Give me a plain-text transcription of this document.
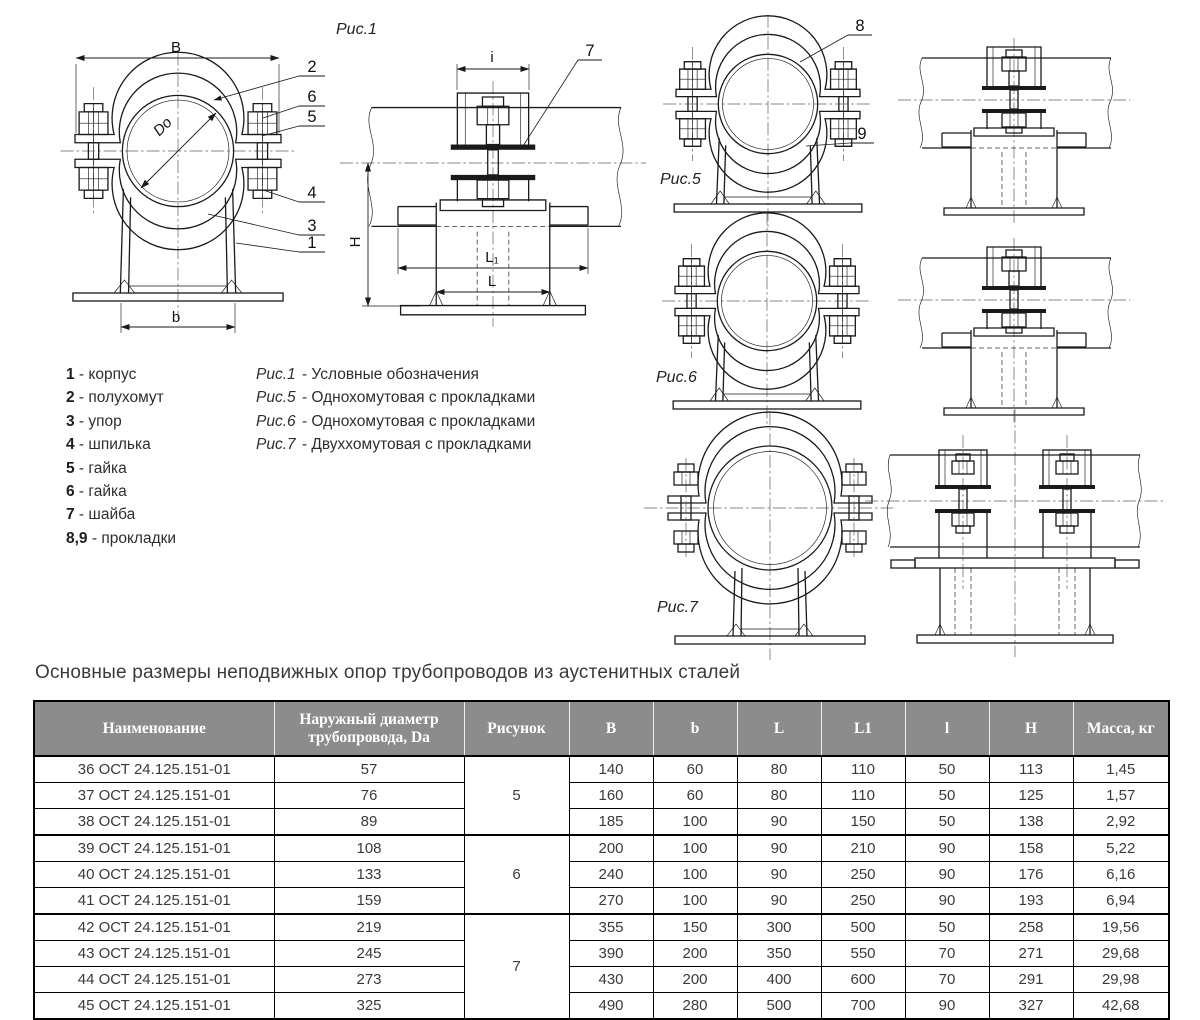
Рис.1
Рис.5
Рис.6
Рис.7
B
b
Do
i
H
L₁
L
2
6
5
4
3
1
7
8
9
1 - корпус
2 - полухомут
3 - упор
4 - шпилька
5 - гайка
6 - гайка
7 - шайба
8,9 - прокладки
Рис.1 - Условные обозначения
Рис.5 - Однохомутовая с прокладками
Рис.6 - Однохомутовая с прокладками
Рис.7 - Двуххомутовая с прокладками
Основные размеры неподвижных опор трубопроводов из аустенитных сталей
Наименование	Наружный диаметр трубопровода, Da	Рисунок	B	b	L	L1	l	H	Масса, кг
36 ОСТ 24.125.151-01	57	5	140	60	80	110	50	113	1,45
37 ОСТ 24.125.151-01	76		160	60	80	110	50	125	1,57
38 ОСТ 24.125.151-01	89		185	100	90	150	50	138	2,92
39 ОСТ 24.125.151-01	108	6	200	100	90	210	90	158	5,22
40 ОСТ 24.125.151-01	133		240	100	90	250	90	176	6,16
41 ОСТ 24.125.151-01	159		270	100	90	250	90	193	6,94
42 ОСТ 24.125.151-01	219	7	355	150	300	500	50	258	19,56
43 ОСТ 24.125.151-01	245		390	200	350	550	70	271	29,68
44 ОСТ 24.125.151-01	273		430	200	400	600	70	291	29,98
45 ОСТ 24.125.151-01	325		490	280	500	700	90	327	42,68
